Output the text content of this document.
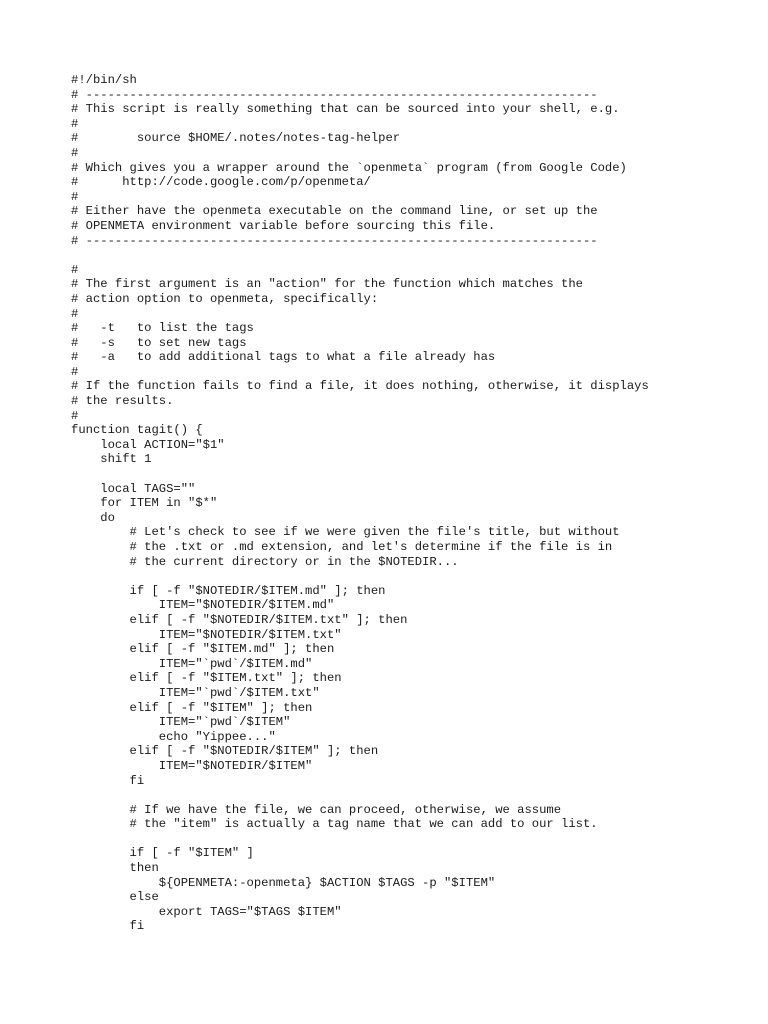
#!/bin/sh
# ----------------------------------------------------------------------
# This script is really something that can be sourced into your shell, e.g.
#
#        source $HOME/.notes/notes-tag-helper
#
# Which gives you a wrapper around the `openmeta` program (from Google Code)
#      http://code.google.com/p/openmeta/
#
# Either have the openmeta executable on the command line, or set up the
# OPENMETA environment variable before sourcing this file.
# ----------------------------------------------------------------------
#
# The first argument is an "action" for the function which matches the
# action option to openmeta, specifically:
#
#   -t   to list the tags
#   -s   to set new tags
#   -a   to add additional tags to what a file already has
#
# If the function fails to find a file, it does nothing, otherwise, it displays
# the results.
#
function tagit() {
local ACTION="$1"
shift 1
local TAGS=""
for ITEM in "$*"
do
# Let's check to see if we were given the file's title, but without
# the .txt or .md extension, and let's determine if the file is in
# the current directory or in the $NOTEDIR...
if [ -f "$NOTEDIR/$ITEM.md" ]; then
ITEM="$NOTEDIR/$ITEM.md"
elif [ -f "$NOTEDIR/$ITEM.txt" ]; then
ITEM="$NOTEDIR/$ITEM.txt"
elif [ -f "$ITEM.md" ]; then
ITEM="`pwd`/$ITEM.md"
elif [ -f "$ITEM.txt" ]; then
ITEM="`pwd`/$ITEM.txt"
elif [ -f "$ITEM" ]; then
ITEM="`pwd`/$ITEM"
echo "Yippee..."
elif [ -f "$NOTEDIR/$ITEM" ]; then
ITEM="$NOTEDIR/$ITEM"
fi
# If we have the file, we can proceed, otherwise, we assume
# the "item" is actually a tag name that we can add to our list.
if [ -f "$ITEM" ]
then
${OPENMETA:-openmeta} $ACTION $TAGS -p "$ITEM"
else
export TAGS="$TAGS $ITEM"
fi
